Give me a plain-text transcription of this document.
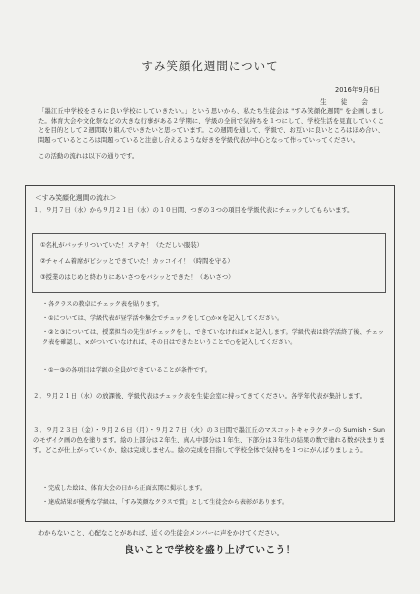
すみ笑顔化週間について
2016年9月6日
生 徒 会
「墨江丘中学校をさらに良い学校にしていきたい。」という思いから、私たち生徒会は "すみ笑顔化週間" を企画しました。体育大会や文化祭などの大きな行事がある２学期に、学級の全員で気持ちを１つにして、学校生活を見直していくことを目的として２週間取り組んでいきたいと思っています。この週間を通して、学級で、お互いに良いところはほめ合い、問題っているところは問題っていると注意し合えるような好きを学級代表が中心となって作っていってください。
この活動の流れは以下の通りです。
＜すみ笑顔化週間の流れ＞
１．９月７日（水）から９月２１日（水）の１０日間、つぎの３つの項目を学級代表にチェックしてもらいます。
①名札がバッチリついていた！ステキ！（ただしい服装）
②チャイム着席がピシッとできていた！カッコイイ！（時間を守る）
③授業のはじめと終わりにあいさつをバシッとできた！（あいさつ）
・各クラスの教卓にチェック表を貼ります。
・①については、学級代表が昼学活や集会でチェックをして○か×を記入してください。
・②と③については、授業担当の先生がチェックをし、できていなければ×と記入します。学級代表は終学活終了後、チェック表を確認し、×がついていなければ、その日はできたということで○を記入してください。
・①〜③の各項目は学級の全員ができていることが条件です。
２．９月２１日（水）の放課後、学級代表はチェック表を生徒会室に持ってきてください。各学年代表が集計します。
３．９月２３日（金）・９月２６日（月）・９月２７日（火）の３日間で墨江丘のマスコットキャラクターの Sumish・Sun のモザイク画の色を塗ります。絵の上部分は２年生、真ん中部分は１年生、下部分は３年生の結果の数で塗れる数が決まります。どこが仕上がっていくか、絵は完成しません。絵の完成を目指して学校全体で気持ちを１つにがんばりましょう。
・完成した絵は、体育大会の日から正面玄関に掲示します。
・達成結果が優秀な学級は、「すみ笑顔なクラスで賞」として生徒会から表彰があります。
わからないこと、心配なことがあれば、近くの生徒会メンバーに声をかけてください。
良いことで学校を盛り上げていこう！
